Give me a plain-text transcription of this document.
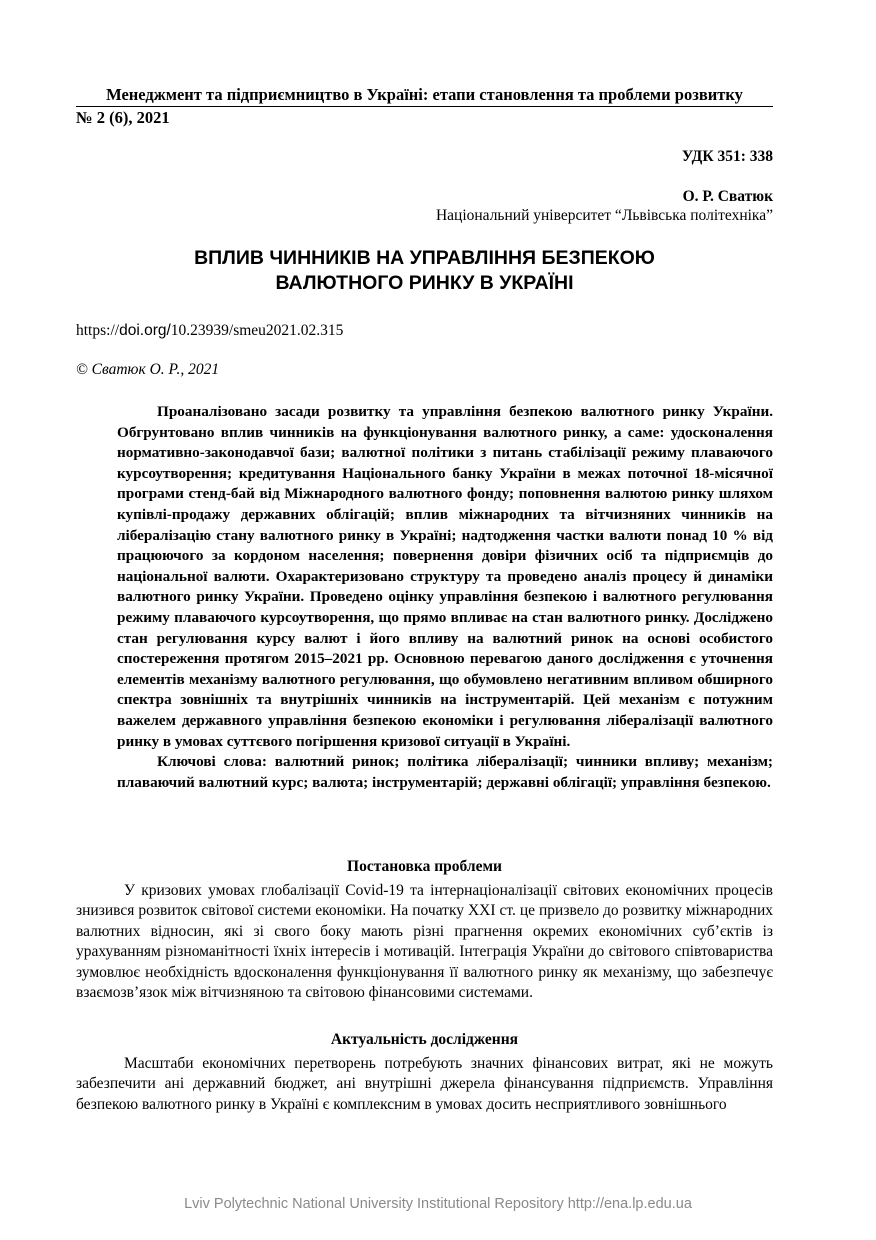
Менеджмент та підприємництво в Україні: етапи становлення та проблеми розвитку
№ 2 (6), 2021
УДК 351: 338
О. Р. Сватюк
Національний університет “Львівська політехніка”
ВПЛИВ ЧИННИКІВ НА УПРАВЛІННЯ БЕЗПЕКОЮ
ВАЛЮТНОГО РИНКУ В УКРАЇНІ
https://doi.org/10.23939/smeu2021.02.315
© Сватюк О. Р., 2021

Проаналізовано засади розвитку та управління безпекою валютного ринку України. Обгрунтовано вплив чинників на функціонування валютного ринку, а саме: удосконалення нормативно-законодавчої бази; валютної політики з питань стабілізації режиму плаваючого курсоутворення; кредитування Національного банку України в межах поточної 18-місячної програми стенд-бай від Міжнародного валютного фонду; поповнення валютою ринку шляхом купівлі-продажу державних облігацій; вплив міжнародних та вітчизняних чинників на лібералізацію стану валютного ринку в Україні; надтодження частки валюти понад 10 % від працюючого за кордоном населення; повернення довіри фізичних осіб та підприємців до національної валюти. Охарактеризовано структуру та проведено аналіз процесу й динаміки валютного ринку України. Проведено оцінку управління безпекою і валютного регулювання режиму плаваючого курсоутворення, що прямо впливає на стан валютного ринку. Досліджено стан регулювання курсу валют і його впливу на валютний ринок на основі особистого спостереження протягом 2015–2021 рр. Основною перевагою даного дослідження є уточнення елементів механізму валютного регулювання, що обумовлено негативним впливом обширного спектра зовнішніх та внутрішніх чинників на інструментарій. Цей механізм є потужним важелем державного управління безпекою економіки і регулювання лібералізації валютного ринку в умовах суттєвого погіршення кризової ситуації в Україні.

Ключові слова: валютний ринок; політика лібералізації; чинники впливу; механізм; плаваючий валютний курс; валюта; інструментарій; державні облігації; управління безпекою.

Постановка проблеми

У кризових умовах глобалізації Covid-19 та інтернаціоналізації світових економічних процесів знизився розвиток світової системи економіки. На початку XXI ст. це призвело до розвитку міжнародних валютних відносин, які зі свого боку мають різні прагнення окремих економічних суб’єктів із урахуванням різноманітності їхніх інтересів і мотивацій. Інтеграція України до світового співтовариства зумовлює необхідність вдосконалення функціонування її валютного ринку як механізму, що забезпечує взаємозв’язок між вітчизняною та світовою фінансовими системами.

Актуальність дослідження

Масштаби економічних перетворень потребують значних фінансових витрат, які не можуть забезпечити ані державний бюджет, ані внутрішні джерела фінансування підприємств. Управління безпекою валютного ринку в Україні є комплексним в умовах досить несприятливого зовнішнього

Lviv Polytechnic National University Institutional Repository http://ena.lp.edu.ua
